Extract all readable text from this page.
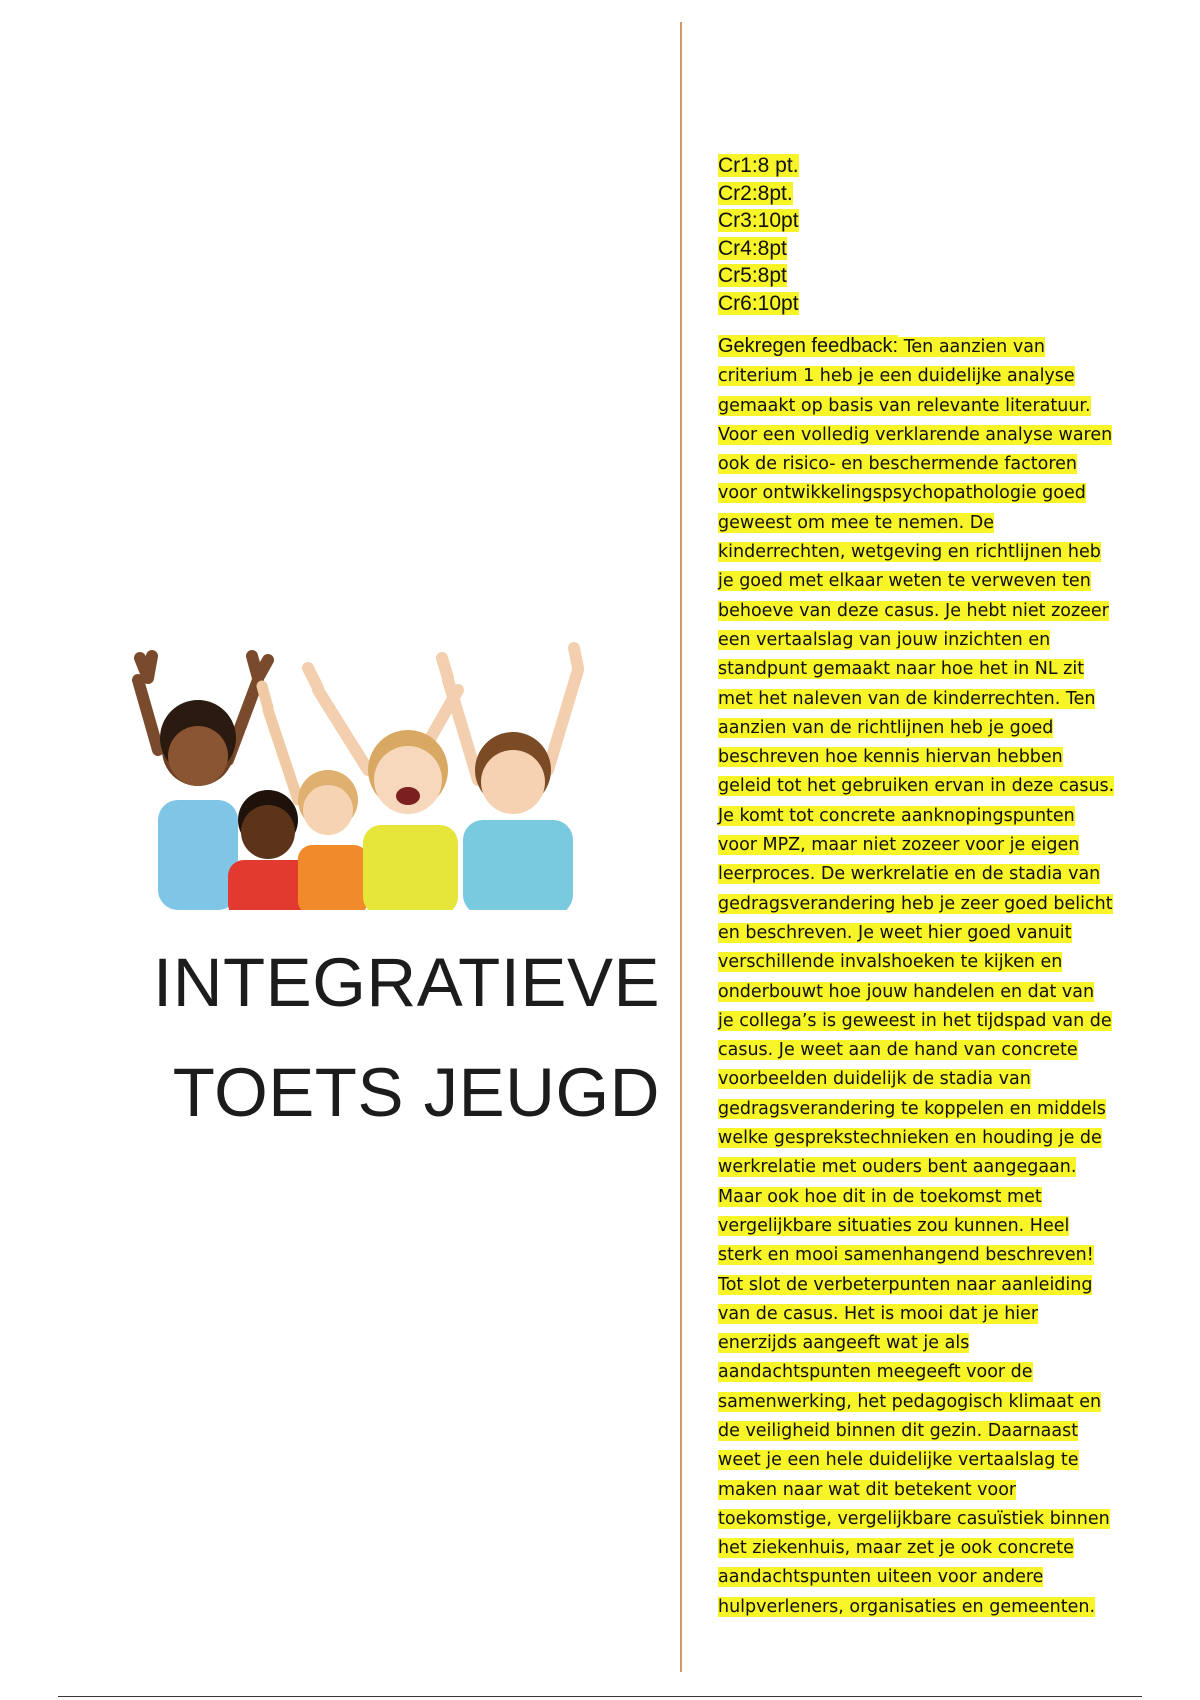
INTEGRATIEVE
TOETS JEUGD
Cr1:8 pt.
Cr2:8pt.
Cr3:10pt
Cr4:8pt
Cr5:8pt
Cr6:10pt
Gekregen feedback: Ten aanzien van
criterium 1 heb je een duidelijke analyse
gemaakt op basis van relevante literatuur.
Voor een volledig verklarende analyse waren
ook de risico- en beschermende factoren
voor ontwikkelingspsychopathologie goed
geweest om mee te nemen. De
kinderrechten, wetgeving en richtlijnen heb
je goed met elkaar weten te verweven ten
behoeve van deze casus. Je hebt niet zozeer
een vertaalslag van jouw inzichten en
standpunt gemaakt naar hoe het in NL zit
met het naleven van de kinderrechten. Ten
aanzien van de richtlijnen heb je goed
beschreven hoe kennis hiervan hebben
geleid tot het gebruiken ervan in deze casus.
Je komt tot concrete aanknopingspunten
voor MPZ, maar niet zozeer voor je eigen
leerproces. De werkrelatie en de stadia van
gedragsverandering heb je zeer goed belicht
en beschreven. Je weet hier goed vanuit
verschillende invalshoeken te kijken en
onderbouwt hoe jouw handelen en dat van
je collega’s is geweest in het tijdspad van de
casus. Je weet aan de hand van concrete
voorbeelden duidelijk de stadia van
gedragsverandering te koppelen en middels
welke gesprekstechnieken en houding je de
werkrelatie met ouders bent aangegaan.
Maar ook hoe dit in de toekomst met
vergelijkbare situaties zou kunnen. Heel
sterk en mooi samenhangend beschreven!
Tot slot de verbeterpunten naar aanleiding
van de casus. Het is mooi dat je hier
enerzijds aangeeft wat je als
aandachtspunten meegeeft voor de
samenwerking, het pedagogisch klimaat en
de veiligheid binnen dit gezin. Daarnaast
weet je een hele duidelijke vertaalslag te
maken naar wat dit betekent voor
toekomstige, vergelijkbare casuïstiek binnen
het ziekenhuis, maar zet je ook concrete
aandachtspunten uiteen voor andere
hulpverleners, organisaties en gemeenten.
